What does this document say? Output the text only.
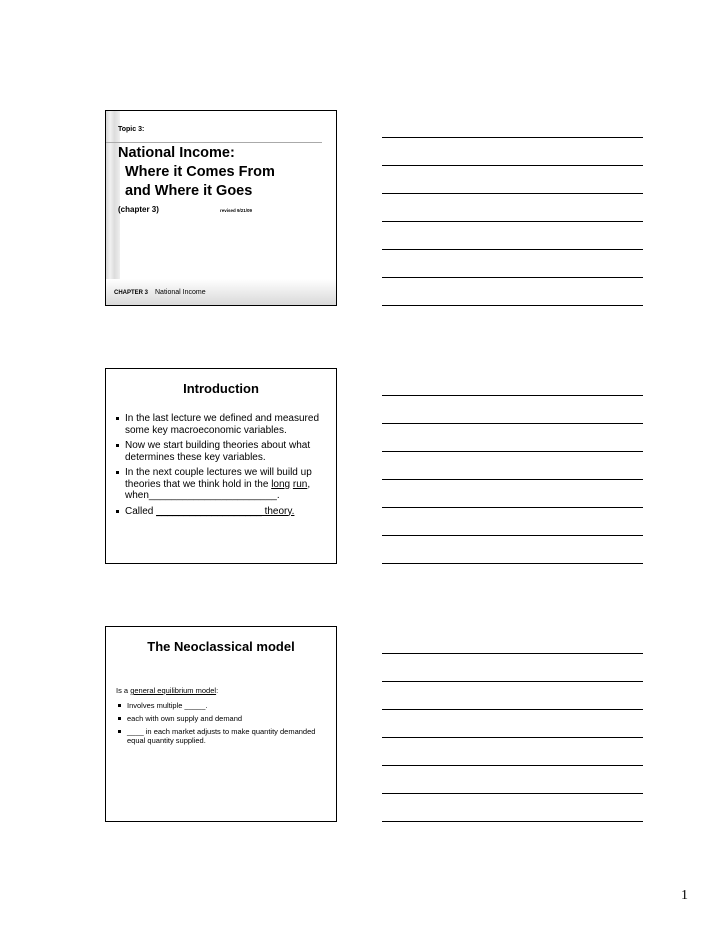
Topic 3:
National Income:
Where it Comes From
and Where it Goes
(chapter 3)	revised 9/21/09
CHAPTER 3 National Income
Introduction
In the last lecture we defined and measured some key macroeconomic variables.
Now we start building theories about what determines these key variables.
In the next couple lectures we will build up theories that we think hold in the long run, when_______________________.
Called ___________________ theory.
The Neoclassical model
Is a general equilibrium model:
Involves multiple _____.
each with own supply and demand
____ in each market adjusts to make quantity demanded equal quantity supplied.
1
